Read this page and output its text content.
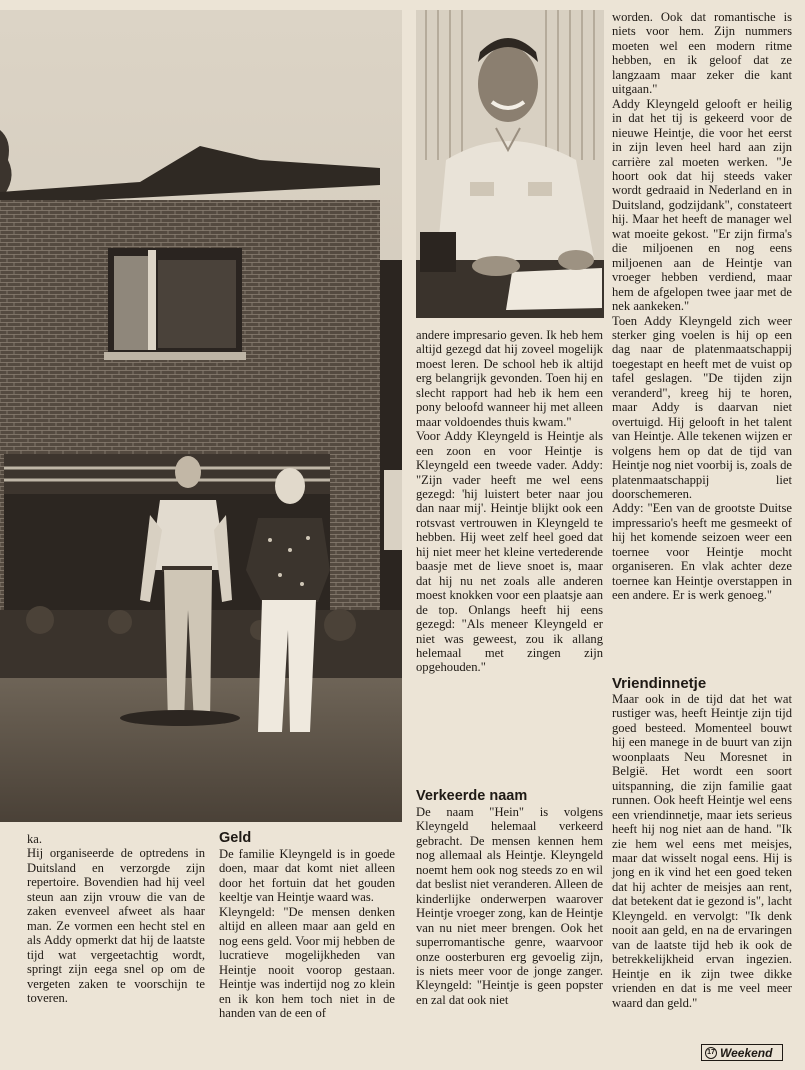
ka.

Hij organiseerde de optredens in Duitsland en verzorgde zijn repertoire. Bovendien had hij veel steun aan zijn vrouw die van de zaken evenveel afweet als haar man. Ze vormen een hecht stel en als Addy opmerkt dat hij de laatste tijd wat vergeetachtig wordt, springt zijn eega snel op om de vergeten zaken te voorschijn te toveren.

Geld

De familie Kleyngeld is in goede doen, maar dat komt niet alleen door het fortuin dat het gouden keeltje van Heintje waard was.

Kleyngeld: "De mensen denken altijd en alleen maar aan geld en nog eens geld. Voor mij hebben de lucratieve mogelijkheden van Heintje nooit voorop gestaan. Heintje was indertijd nog zo klein en ik kon hem toch niet in de handen van de een of

andere impresario geven. Ik heb hem altijd gezegd dat hij zoveel mogelijk moest leren. De school heb ik altijd erg belangrijk gevonden. Toen hij en slecht rapport had heb ik hem een pony beloofd wanneer hij met alleen maar voldoendes thuis kwam."

Voor Addy Kleyngeld is Heintje als een zoon en voor Heintje is Kleyngeld een tweede vader. Addy: "Zijn vader heeft me wel eens gezegd: 'hij luistert beter naar jou dan naar mij'. Heintje blijkt ook een rotsvast vertrouwen in Kleyngeld te hebben. Hij weet zelf heel goed dat hij niet meer het kleine vertederende baasje met de lieve snoet is, maar dat hij nu net zoals alle anderen moest knokken voor een plaatsje aan de top. Onlangs heeft hij eens gezegd: "Als meneer Kleyngeld er niet was geweest, zou ik allang helemaal met zingen zijn opgehouden."

Verkeerde naam

De naam "Hein" is volgens Kleyngeld helemaal verkeerd gebracht. De mensen kennen hem nog allemaal als Heintje. Kleyngeld noemt hem ook nog steeds zo en wil dat beslist niet veranderen. Alleen de kinderlijke onderwerpen waarover Heintje vroeger zong, kan de Heintje van nu niet meer brengen. Ook het superromantische genre, waarvoor onze oosterburen erg gevoelig zijn, is niets meer voor de jonge zanger. Kleyngeld: "Heintje is geen popster en zal dat ook niet

worden. Ook dat romantische is niets voor hem. Zijn nummers moeten wel een modern ritme hebben, en ik geloof dat ze langzaam maar zeker die kant uitgaan."

Addy Kleyngeld gelooft er heilig in dat het tij is gekeerd voor de nieuwe Heintje, die voor het eerst in zijn leven heel hard aan zijn carrière zal moeten werken. "Je hoort ook dat hij steeds vaker wordt gedraaid in Nederland en in Duitsland, godzijdank", constateert hij. Maar het heeft de manager wel wat moeite gekost. "Er zijn firma's die miljoenen en nog eens miljoenen aan de Heintje van vroeger hebben verdiend, maar hem de afgelopen twee jaar met de nek aankeken."

Toen Addy Kleyngeld zich weer sterker ging voelen is hij op een dag naar de platenmaatschappij toegestapt en heeft met de vuist op tafel geslagen. "De tijden zijn veranderd", kreeg hij te horen, maar Addy is daarvan niet overtuigd. Hij gelooft in het talent van Heintje. Alle tekenen wijzen er volgens hem op dat de tijd van Heintje nog niet voorbij is, zoals de platenmaatschappij liet doorschemeren.

Addy: "Een van de grootste Duitse impressario's heeft me gesmeekt of hij het komende seizoen weer een toernee voor Heintje mocht organiseren. En vlak achter deze toernee kan Heintje overstappen in een andere. Er is werk genoeg."

Vriendinnetje

Maar ook in de tijd dat het wat rustiger was, heeft Heintje zijn tijd goed besteed. Momenteel bouwt hij een manege in de buurt van zijn woonplaats Neu Moresnet in België. Het wordt een soort uitspanning, die zijn familie gaat runnen. Ook heeft Heintje wel eens een vriendinnetje, maar iets serieus heeft hij nog niet aan de hand. "Ik zie hem wel eens met meisjes, maar dat wisselt nogal eens. Hij is jong en ik vind het een goed teken dat hij achter de meisjes aan rent, dat betekent dat ie gezond is", lacht Kleyngeld. en vervolgt: "Ik denk nooit aan geld, en na de ervaringen van de laatste tijd heb ik ook de betrekkelijkheid ervan ingezien. Heintje en ik zijn twee dikke vrienden en dat is me veel meer waard dan geld."

17 Weekend
